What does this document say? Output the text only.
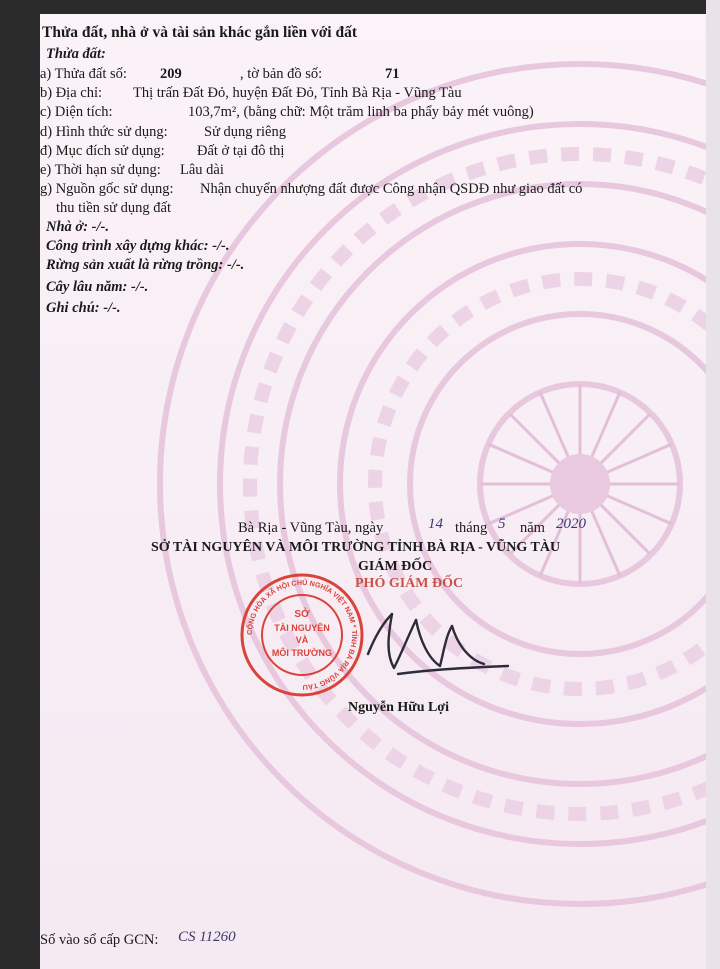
Thửa đất, nhà ở và tài sản khác gắn liền với đất
Thửa đất:
a) Thửa đất số: 209	, tờ bản đồ số:	71
b) Địa chỉ: Thị trấn Đất Đỏ, huyện Đất Đỏ, Tỉnh Bà Rịa - Vũng Tàu
c) Diện tích:	103,7m², (bằng chữ: Một trăm linh ba phẩy bảy mét vuông)
d) Hình thức sử dụng:	Sử dụng riêng
đ) Mục đích sử dụng: Đất ở tại đô thị
e) Thời hạn sử dụng: Lâu dài
g) Nguồn gốc sử dụng: Nhận chuyển nhượng đất được Công nhận QSDĐ như giao đất có
thu tiền sử dụng đất
Nhà ở: -/-.
Công trình xây dựng khác: -/-.
Rừng sản xuất là rừng trồng: -/-.
Cây lâu năm: -/-.
Ghi chú: -/-.
Bà Rịa - Vũng Tàu, ngày	14 tháng 5 năm 2020
SỞ TÀI NGUYÊN VÀ MÔI TRƯỜNG TỈNH BÀ RỊA - VŨNG TÀU
GIÁM ĐỐC
PHÓ GIÁM ĐỐC
CỘNG HÒA XÃ HỘI CHỦ NGHĨA VIỆT NAM * TỈNH BÀ RỊA VŨNG TÀU
SỞ
TÀI NGUYÊN
VÀ
MÔI TRƯỜNG
Nguyễn Hữu Lợi
Số vào sổ cấp GCN: CS 11260
